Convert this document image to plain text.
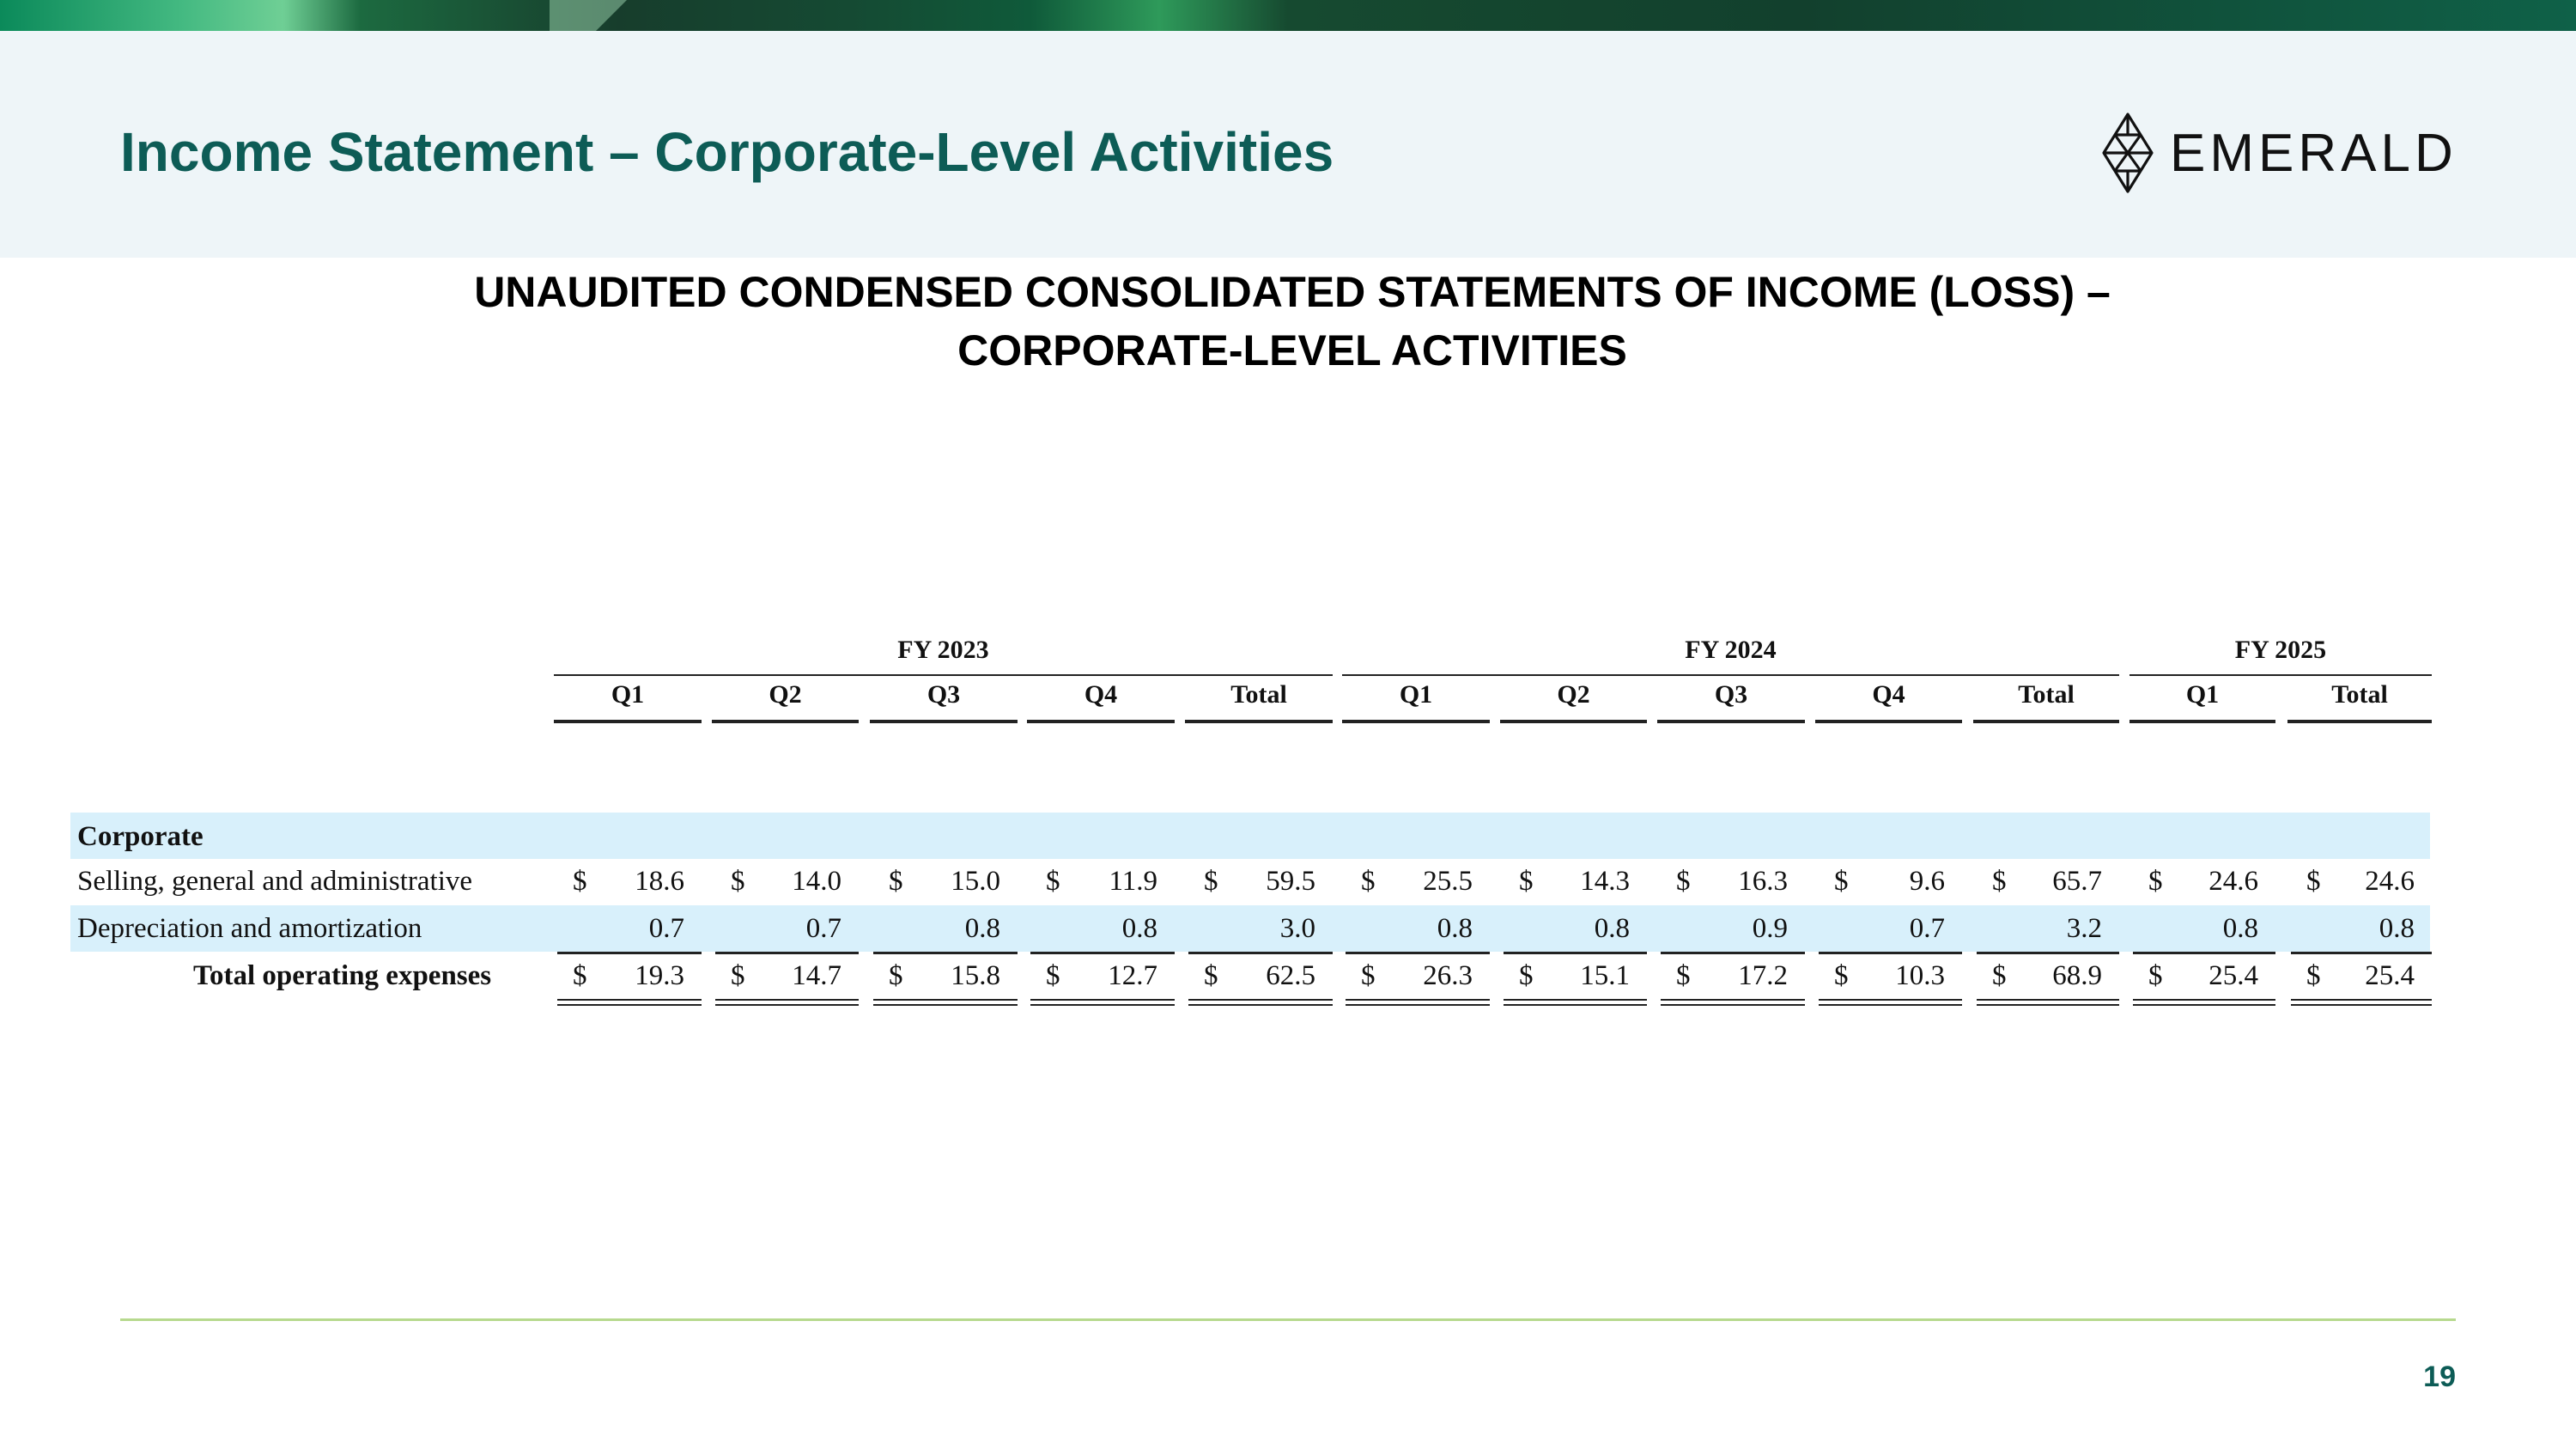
Income Statement – Corporate-Level Activities	EMERALD
UNAUDITED CONDENSED CONSOLIDATED STATEMENTS OF INCOME (LOSS) –
CORPORATE-LEVEL ACTIVITIES
FY 2023	FY 2024	FY 2025
Q1	Q2	Q3	Q4	Total	Q1	Q2	Q3	Q4	Total	Q1	Total
Corporate
Selling, general and administrative	$	18.6 $	14.0 $	15.0 $	11.9 $	59.5 $	25.5 $	14.3 $	16.3 $	9.6 $	65.7 $	24.6 $	24.6
Depreciation and amortization	0.7	0.7	0.8	0.8	3.0	0.8	0.8	0.9	0.7	3.2	0.8	0.8
Total operating expenses	$	19.3 $	14.7 $	15.8 $	12.7 $	62.5 $	26.3 $	15.1 $	17.2 $	10.3 $	68.9 $	25.4 $	25.4
19
